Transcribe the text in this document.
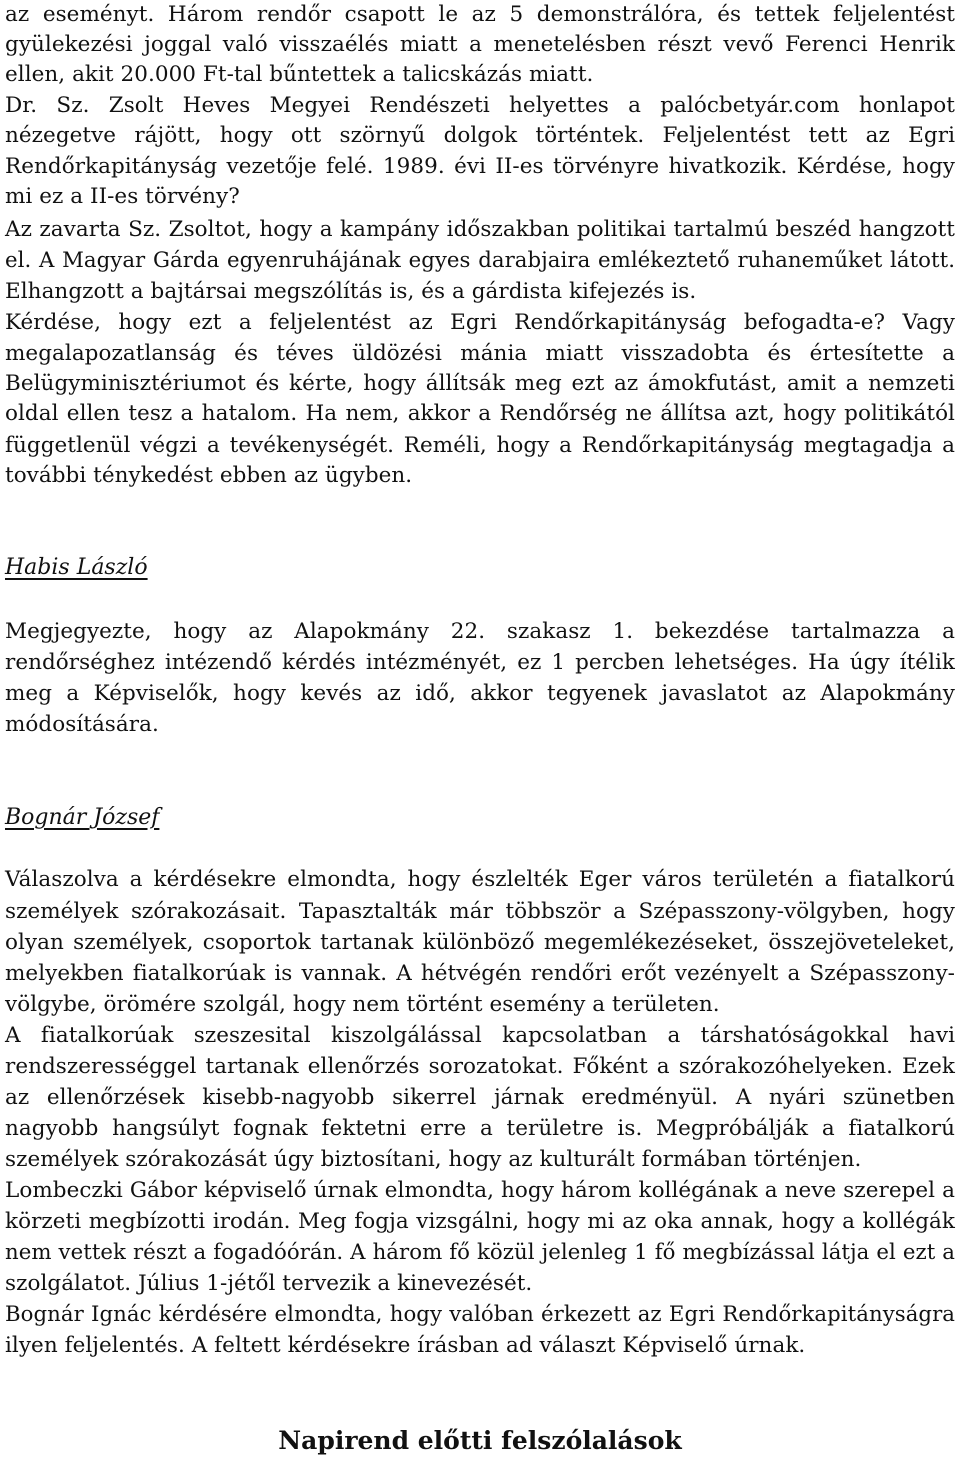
az eseményt. Három rendőr csapott le az 5 demonstrálóra, és tettek feljelentést
gyülekezési joggal való visszaélés miatt a menetelésben részt vevő Ferenci Henrik
ellen, akit 20.000 Ft-tal bűntettek a talicskázás miatt.
Dr. Sz. Zsolt Heves Megyei Rendészeti helyettes a palócbetyár.com honlapot
nézegetve rájött, hogy ott szörnyű dolgok történtek. Feljelentést tett az Egri
Rendőrkapitányság vezetője felé. 1989. évi II-es törvényre hivatkozik. Kérdése, hogy
mi ez a II-es törvény?
Az zavarta Sz. Zsoltot, hogy a kampány időszakban politikai tartalmú beszéd hangzott
el. A Magyar Gárda egyenruhájának egyes darabjaira emlékeztető ruhaneműket látott.
Elhangzott a bajtársai megszólítás is, és a gárdista kifejezés is.
Kérdése, hogy ezt a feljelentést az Egri Rendőrkapitányság befogadta-e? Vagy
megalapozatlanság és téves üldözési mánia miatt visszadobta és értesítette a
Belügyminisztériumot és kérte, hogy állítsák meg ezt az ámokfutást, amit a nemzeti
oldal ellen tesz a hatalom. Ha nem, akkor a Rendőrség ne állítsa azt, hogy politikától
függetlenül végzi a tevékenységét. Reméli, hogy a Rendőrkapitányság megtagadja a
további ténykedést ebben az ügyben.
Habis László
Megjegyezte, hogy az Alapokmány 22. szakasz 1. bekezdése tartalmazza a
rendőrséghez intézendő kérdés intézményét, ez 1 percben lehetséges. Ha úgy ítélik
meg a Képviselők, hogy kevés az idő, akkor tegyenek javaslatot az Alapokmány
módosítására.
Bognár József
Válaszolva a kérdésekre elmondta, hogy észlelték Eger város területén a fiatalkorú
személyek szórakozásait. Tapasztalták már többször a Szépasszony-völgyben, hogy
olyan személyek, csoportok tartanak különböző megemlékezéseket, összejöveteleket,
melyekben fiatalkorúak is vannak. A hétvégén rendőri erőt vezényelt a Szépasszony-
völgybe, örömére szolgál, hogy nem történt esemény a területen.
A fiatalkorúak szeszesital kiszolgálással kapcsolatban a társhatóságokkal havi
rendszerességgel tartanak ellenőrzés sorozatokat. Főként a szórakozóhelyeken. Ezek
az ellenőrzések kisebb-nagyobb sikerrel járnak eredményül. A nyári szünetben
nagyobb hangsúlyt fognak fektetni erre a területre is. Megpróbálják a fiatalkorú
személyek szórakozását úgy biztosítani, hogy az kulturált formában történjen.
Lombeczki Gábor képviselő úrnak elmondta, hogy három kollégának a neve szerepel a
körzeti megbízotti irodán. Meg fogja vizsgálni, hogy mi az oka annak, hogy a kollégák
nem vettek részt a fogadóórán. A három fő közül jelenleg 1 fő megbízással látja el ezt a
szolgálatot. Július 1-jétől tervezik a kinevezését.
Bognár Ignác kérdésére elmondta, hogy valóban érkezett az Egri Rendőrkapitányságra
ilyen feljelentés. A feltett kérdésekre írásban ad választ Képviselő úrnak.
Napirend előtti felszólalások
